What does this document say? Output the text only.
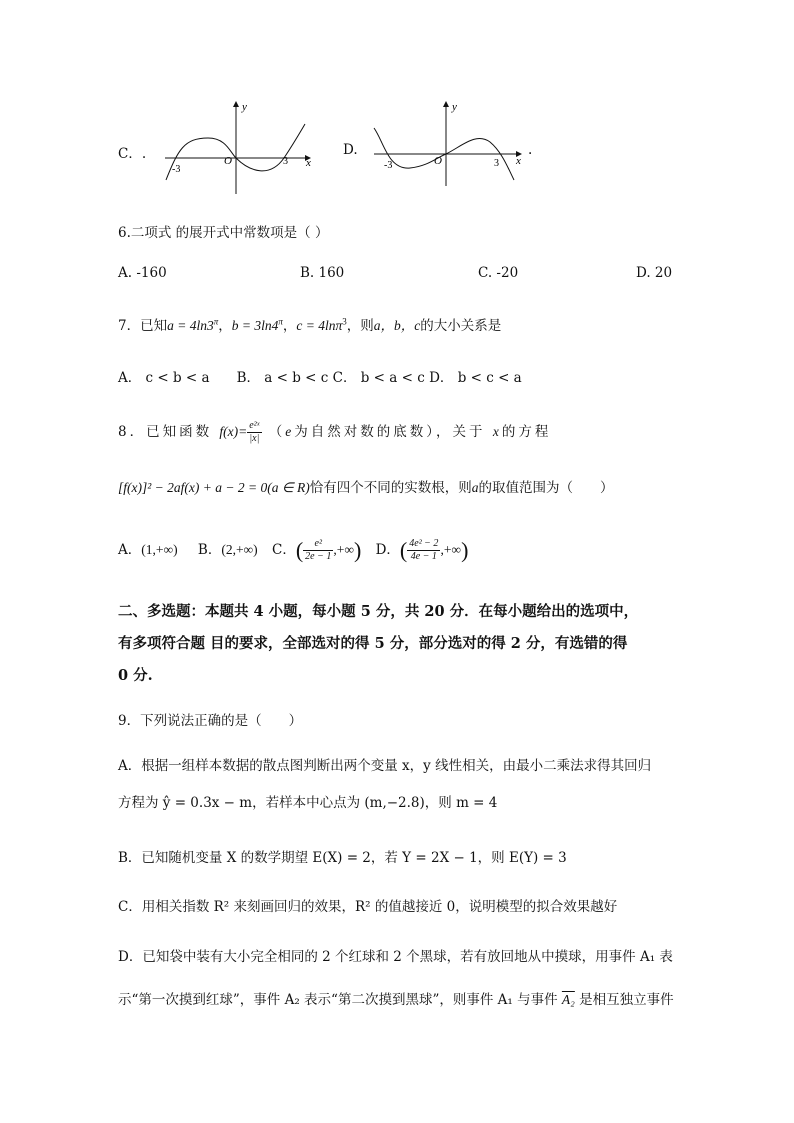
C．.
y
x
O
-3
3
D.
y
x
O
-3	3
.
6.二项式 的展开式中常数项是（ ）
A. -160	B. 160	C. -20	D. 20
7．已知$a = 4\ln 3^\pi$，$b = 3\ln 4^\pi$，c = 4lnπ$^3$，则a，b，c的大小关系是
A． c < b < a　　B． a < b < c C． b < a < c D． b < c < a
8．已知函数 $f(x)= \frac{\text{e²ˣ}}{|x|} (e$为自然对数的底数），关于 x的方程
[f(x)]² − 2af(x) + a − 2 = 0(a ∈ R)恰有四个不同的实数根，则a的取值范围为（　　）
A．(1,+∞) B．(2,+∞) C．( $\frac{\text{e²}}{2e - 1}$ ,+∞) D．( $\frac{\text{4e² − 2}}{4e - 1}$ ,+∞)
二、多选题：本题共 4 小题，每小题 5 分，共 20 分．在每小题给出的选项中，
有多项符合题 目的要求，全部选对的得 5 分，部分选对的得 2 分，有选错的得
0 分.
9．下列说法正确的是（　　）
A．根据一组样本数据的散点图判断出两个变量 x，y 线性相关，由最小二乘法求得其回归
方程为 ŷ = 0.3x − m，若样本中心点为 (m,−2.8)，则 m = 4
B．已知随机变量 X 的数学期望 E(X) = 2，若 Y = 2X − 1，则 E(Y) = 3
C．用相关指数 R² 来刻画回归的效果，R² 的值越接近 0，说明模型的拟合效果越好
D．已知袋中装有大小完全相同的 2 个红球和 2 个黑球，若有放回地从中摸球，用事件 A₁ 表
示“第一次摸到红球”，事件 A₂ 表示“第二次摸到黑球”，则事件 A₁ 与事件 A₂ 是相互独立事件
